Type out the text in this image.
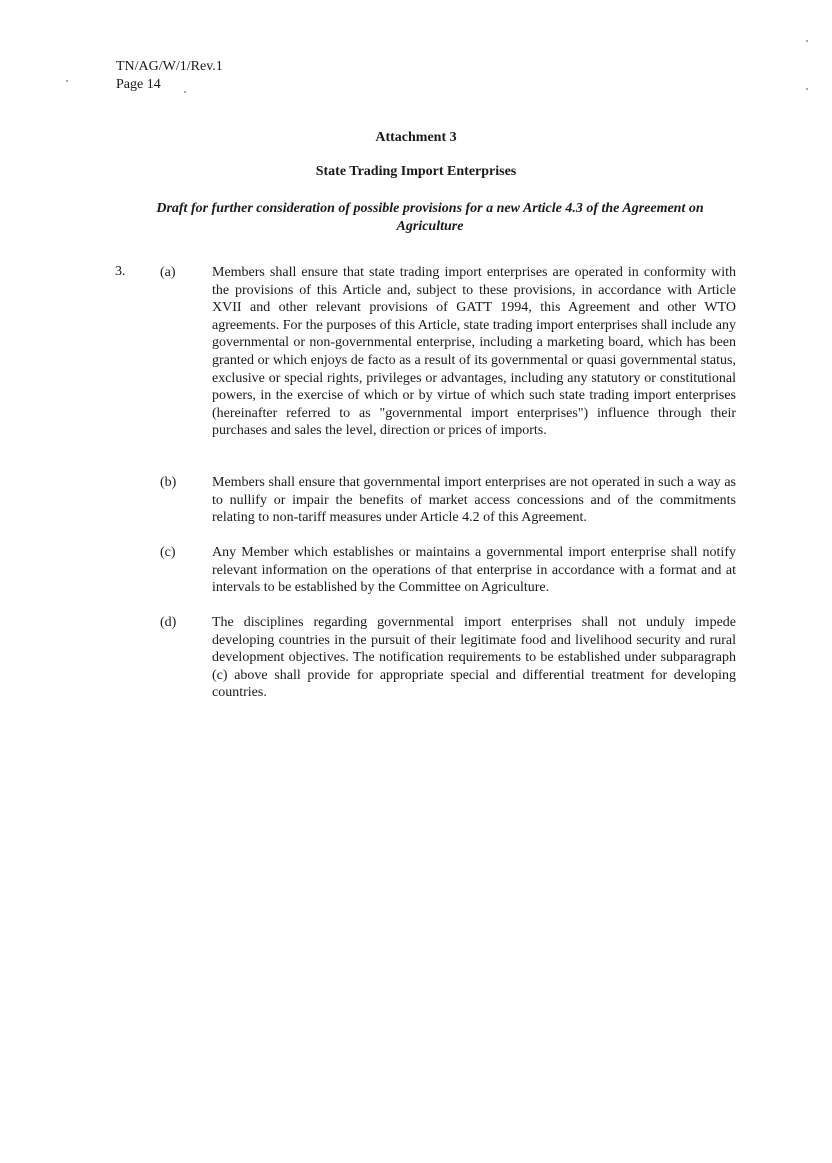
TN/AG/W/1/Rev.1
Page 14
Attachment 3
State Trading Import Enterprises
Draft for further consideration of possible provisions for a new Article 4.3 of the Agreement on Agriculture
3. (a)	Members shall ensure that state trading import enterprises are operated in conformity with the provisions of this Article and, subject to these provisions, in accordance with Article XVII and other relevant provisions of GATT 1994, this Agreement and other WTO agreements. For the purposes of this Article, state trading import enterprises shall include any governmental or non-governmental enterprise, including a marketing board, which has been granted or which enjoys de facto as a result of its governmental or quasi governmental status, exclusive or special rights, privileges or advantages, including any statutory or constitutional powers, in the exercise of which or by virtue of which such state trading import enterprises (hereinafter referred to as "governmental import enterprises") influence through their purchases and sales the level, direction or prices of imports.
(b)	Members shall ensure that governmental import enterprises are not operated in such a way as to nullify or impair the benefits of market access concessions and of the commitments relating to non-tariff measures under Article 4.2 of this Agreement.
(c)	Any Member which establishes or maintains a governmental import enterprise shall notify relevant information on the operations of that enterprise in accordance with a format and at intervals to be established by the Committee on Agriculture.
(d)	The disciplines regarding governmental import enterprises shall not unduly impede developing countries in the pursuit of their legitimate food and livelihood security and rural development objectives. The notification requirements to be established under subparagraph (c) above shall provide for appropriate special and differential treatment for developing countries.
